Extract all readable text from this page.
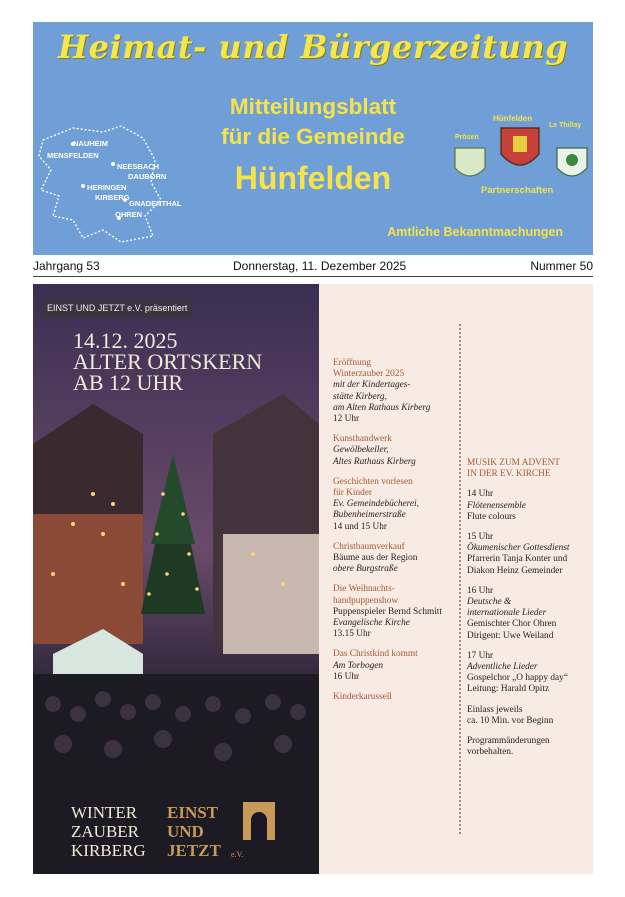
Heimat- und Bürgerzeitung
NAUHEIM
MENSFELDEN
NEESBACH
DAUBORN
HERINGEN
KIRBERG
GNADENTHAL
OHREN
Mitteilungsblatt
für die Gemeinde
Hünfelden
Prösen
Hünfelden
Le Thillay
Partnerschaften
Amtliche Bekanntmachungen
Jahrgang 53	Donnerstag, 11. Dezember 2025	Nummer 50
EINST UND JETZT e.V. präsentiert
14.12. 2025
ALTER ORTSKERN
AB 12 UHR
WINTER
ZAUBER
KIRBERG
EINST
UND
JETZT e.V.
Eröffnung
Winterzauber 2025
mit der Kindertages-
stätte Kirberg,
am Alten Rathaus Kirberg
12 Uhr
Kunsthandwerk
Gewölbekeller,
Altes Rathaus Kirberg
Geschichten vorlesen
für Kinder
Ev. Gemeindebücherei,
Bubenheimerstraße
14 und 15 Uhr
Christbaumverkauf
Bäume aus der Region
obere Burgstraße
Die Weihnachts-
handpuppenshow
Puppenspieler Bernd Schmitt
Evangelische Kirche
13.15 Uhr
Das Christkind kommt
Am Torbogen
16 Uhr
Kinderkarussell
MUSIK ZUM ADVENT
IN DER EV. KIRCHE
14 Uhr
Flötenensemble
Flute colours
15 Uhr
Ökumenischer Gottesdienst
Pfarrerin Tanja Konter und
Diakon Heinz Gemeinder
16 Uhr
Deutsche &
internationale Lieder
Gemischter Chor Ohren
Dirigent: Uwe Weiland
17 Uhr
Adventliche Lieder
Gospelchor „O happy day“
Leitung: Harald Opitz
Einlass jeweils
ca. 10 Min. vor Beginn
Programmänderungen
vorbehalten.
